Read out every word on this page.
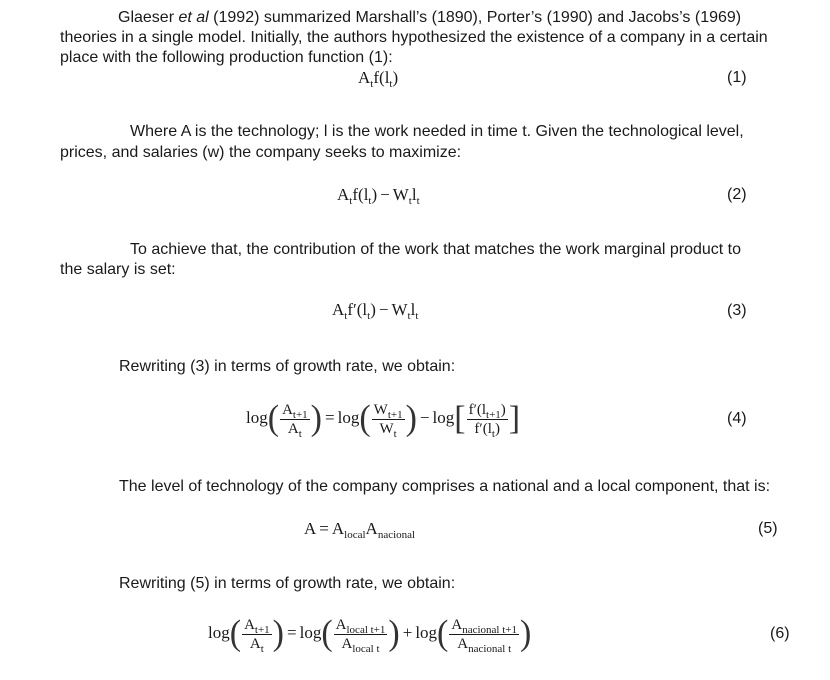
Glaeser et al (1992) summarized Marshall’s (1890), Porter’s (1990) and Jacobs’s (1969)
theories in a single model. Initially, the authors hypothesized the existence of a company in a certain
place with the following production function (1):
$A_tf(l_t)$	(1)
Where A is the technology; l is the work needed in time t. Given the technological level,
prices, and salaries (w) the company seeks to maximize:
$A_tf(l_t) - W_tl_t$	(2)
To achieve that, the contribution of the work that matches the work marginal product to
the salary is set:
$A_tf'(l_t) - W_tl_t$	(3)
Rewriting (3) in terms of growth rate, we obtain:
$\log( \frac{A_{t+1}}{A_t}$ ) = $\log( \frac{W_{t+1}}{W_t}$ ) − $\log[ \frac{f'(l_{t+1})}{f'(l_t)}$ ]	(4)
The level of technology of the company comprises a national and a local component, that is:
$A = A_{local}A_{nacional}$	(5)
Rewriting (5) in terms of growth rate, we obtain:
$\log( \frac{A_{t+1}}{A_t}$ ) = $\log( \frac{A_{local t+1}}{A_{local t}}$ ) + $\log( \frac{A_{nacional t+1}}{A_{nacional t}}$ )	(6)
